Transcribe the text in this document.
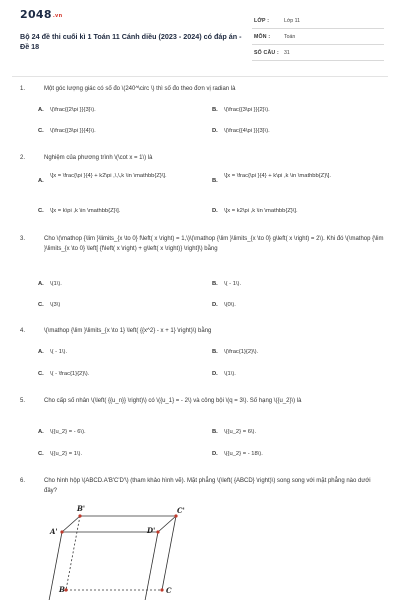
2048.vn
Bộ 24 đề thi cuối kì 1 Toán 11 Cánh diều (2023 - 2024) có đáp án - Đề 18
LỚP :	Lớp 11
MÔN :	Toán
SỐ CÂU : 31
1.	Một góc lượng giác có số đo \(240^\circ \) thì số đo theo đơn vị radian là
A. \(\frac{{2\pi }}{3}\).	B. \(\frac{{3\pi }}{2}\).
C. \(\frac{{3\pi }}{4}\).	D. \(\frac{{4\pi }}{3}\).
2.	Nghiệm của phương trình \(\cot x = 1\) là
A.
\[x = \frac{\pi }{4} + k2\pi ,\,\,k \in \mathbb{Z}\].
B.
\[x = \frac{\pi }{4} + k\pi ,k \in \mathbb{Z}\].
C. \[x = k\pi ,k \in \mathbb{Z}\].	D. \[x = k2\pi ,k \in \mathbb{Z}\].
3.	Cho \(\mathop {\lim }\limits_{x \to 0} f\left( x \right) = 1,\)\(\mathop {\lim }\limits_{x \to 0} g\left( x \right) = 2\). Khi đó \(\mathop {\lim }\limits_{x \to 0} \left[ {f\left( x \right) + g\left( x \right)} \right]\) bằng
A. \(1\).	B. \( - 1\).
C. \(3\)	D. \(0\).
4.	\(\mathop {\lim }\limits_{x \to 1} \left( {{x^2} - x + 1} \right)\) bằng
A. \( - 1\).	B. \(\frac{1}{2}\).
C. \( - \frac{1}{2}\).	D. \(1\).
5.	Cho cấp số nhân \(\left( {{u_n}} \right)\) có \({u_1} = - 2\) và công bội \(q = 3\). Số hạng \({u_2}\) là
A. \({u_2} = - 6\).	B. \({u_2} = 6\).
C. \({u_2} = 1\).	D. \({u_2} = - 18\).
6.	Cho hình hộp \(ABCD.A'B'C'D'\) (tham khảo hình vẽ). Mặt phẳng \(\left( {ABCD} \right)\) song song với mặt phẳng nào dưới đây?
B'	C'
A'	D'
B	C
